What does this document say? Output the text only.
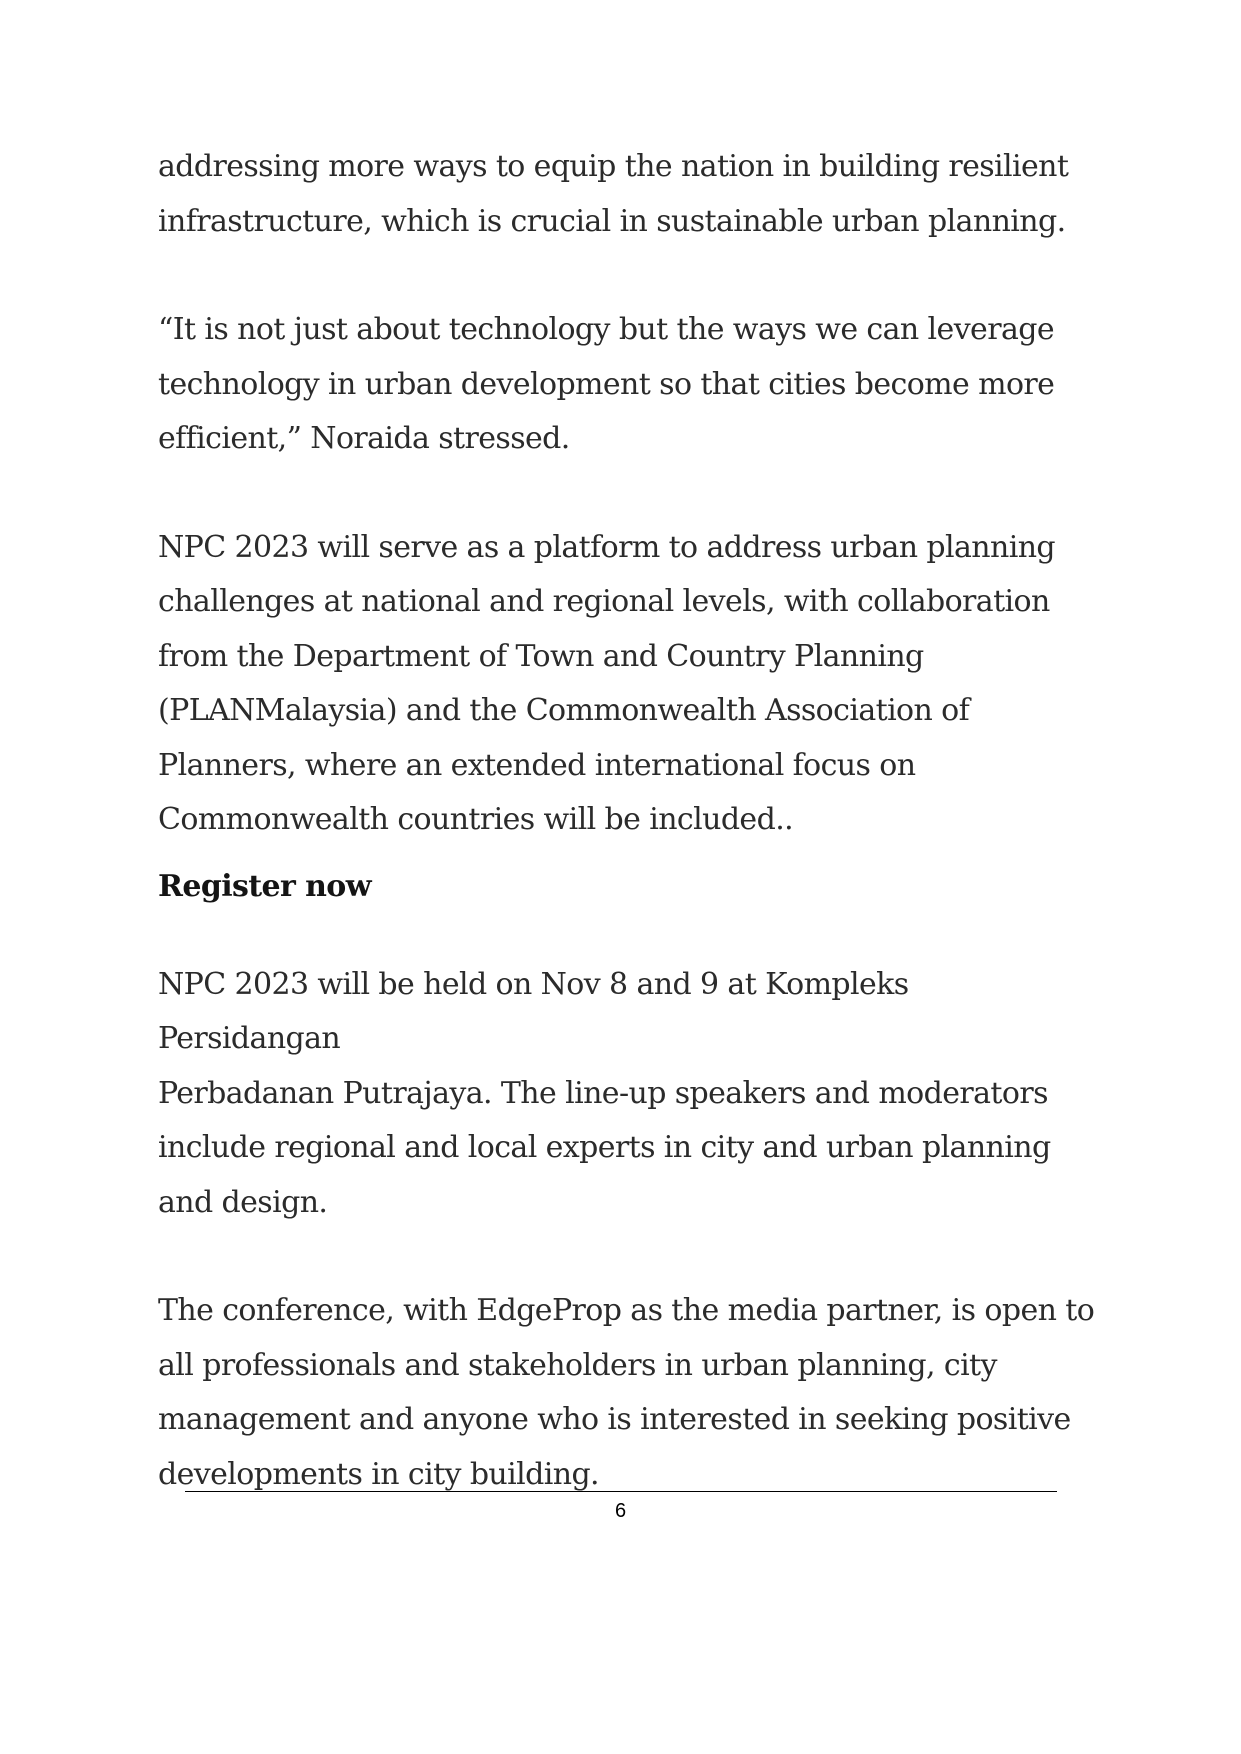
addressing more ways to equip the nation in building resilient
infrastructure, which is crucial in sustainable urban planning.

“It is not just about technology but the ways we can leverage
technology in urban development so that cities become more
efficient,” Noraida stressed.

NPC 2023 will serve as a platform to address urban planning
challenges at national and regional levels, with collaboration
from the Department of Town and Country Planning
(PLANMalaysia) and the Commonwealth Association of
Planners, where an extended international focus on
Commonwealth countries will be included..

Register now

NPC 2023 will be held on Nov 8 and 9 at Kompleks Persidangan
Perbadanan Putrajaya. The line-up speakers and moderators
include regional and local experts in city and urban planning
and design.

The conference, with EdgeProp as the media partner, is open to
all professionals and stakeholders in urban planning, city
management and anyone who is interested in seeking positive
developments in city building.

6
